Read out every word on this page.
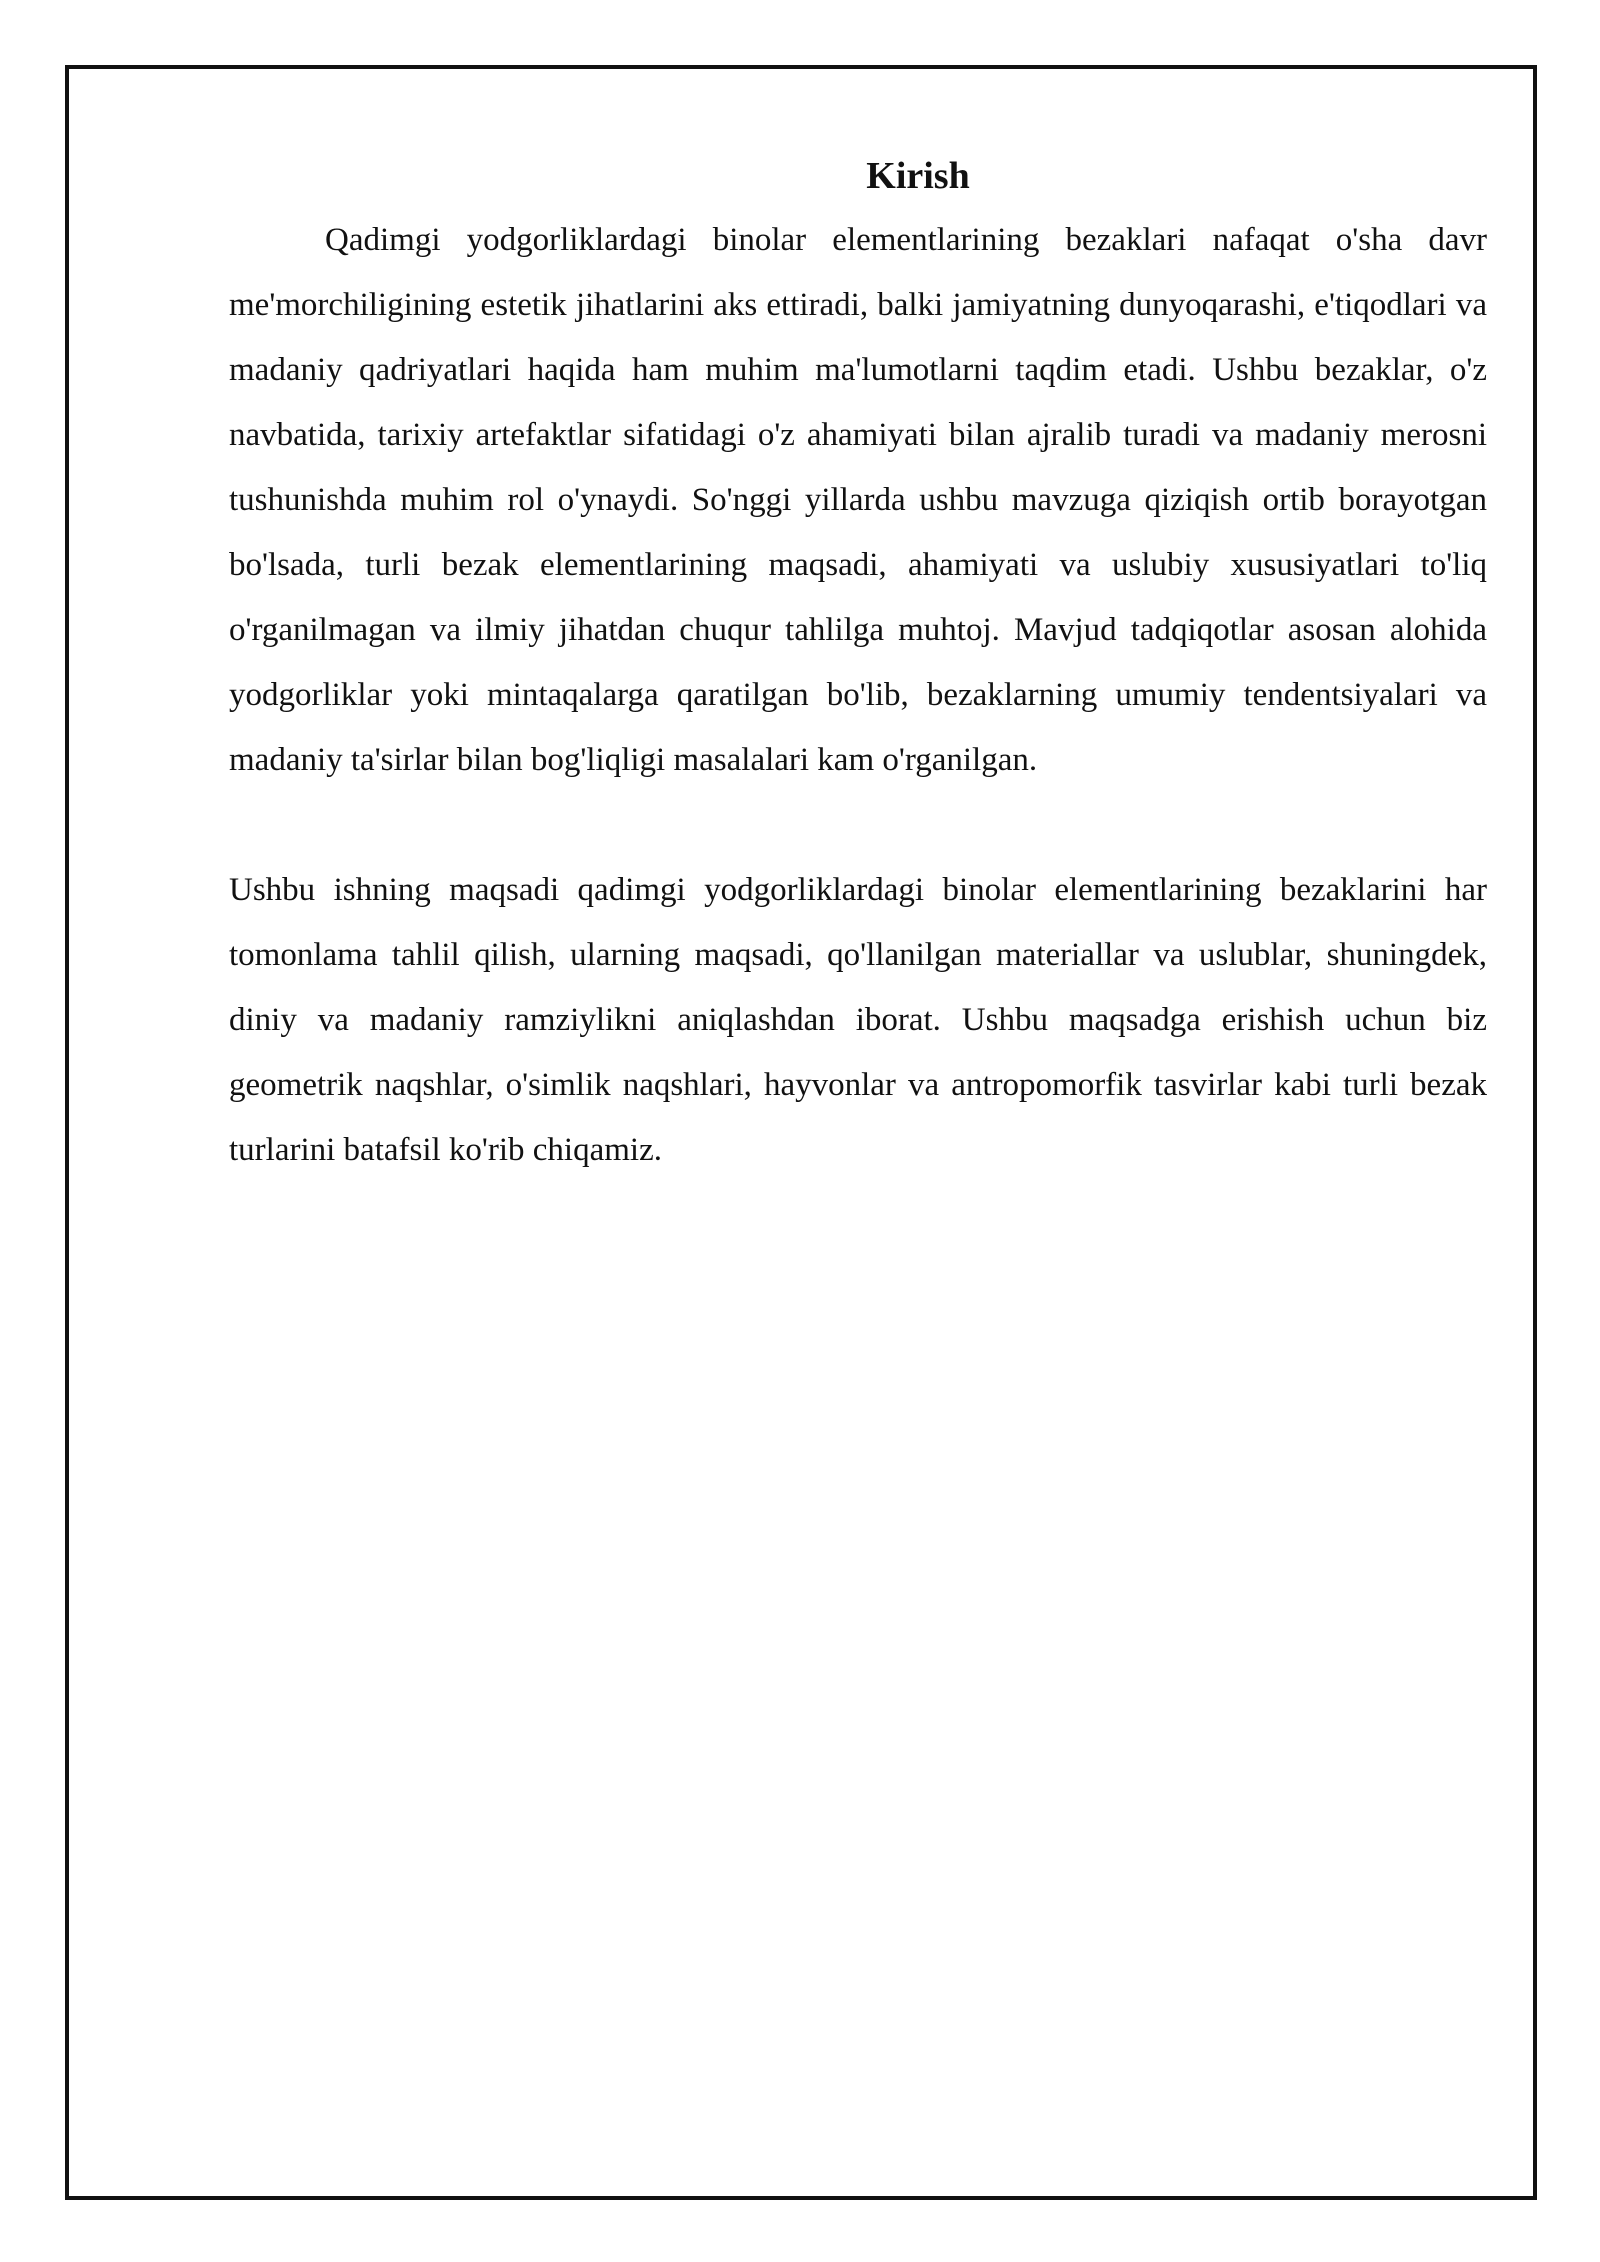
Kirish

Qadimgi yodgorliklardagi binolar elementlarining bezaklari nafaqat o'sha davr me'morchiligining estetik jihatlarini aks ettiradi, balki jamiyatning dunyoqarashi, e'tiqodlari va madaniy qadriyatlari haqida ham muhim ma'lumotlarni taqdim etadi. Ushbu bezaklar, o'z navbatida, tarixiy artefaktlar sifatidagi o'z ahamiyati bilan ajralib turadi va madaniy merosni tushunishda muhim rol o'ynaydi. So'nggi yillarda ushbu mavzuga qiziqish ortib borayotgan bo'lsada, turli bezak elementlarining maqsadi, ahamiyati va uslubiy xususiyatlari to'liq o'rganilmagan va ilmiy jihatdan chuqur tahlilga muhtoj. Mavjud tadqiqotlar asosan alohida yodgorliklar yoki mintaqalarga qaratilgan bo'lib, bezaklarning umumiy tendentsiyalari va madaniy ta'sirlar bilan bog'liqligi masalalari kam o'rganilgan.

Ushbu ishning maqsadi qadimgi yodgorliklardagi binolar elementlarining bezaklarini har tomonlama tahlil qilish, ularning maqsadi, qo'llanilgan materiallar va uslublar, shuningdek, diniy va madaniy ramziylikni aniqlashdan iborat. Ushbu maqsadga erishish uchun biz geometrik naqshlar, o'simlik naqshlari, hayvonlar va antropomorfik tasvirlar kabi turli bezak turlarini batafsil ko'rib chiqamiz.
